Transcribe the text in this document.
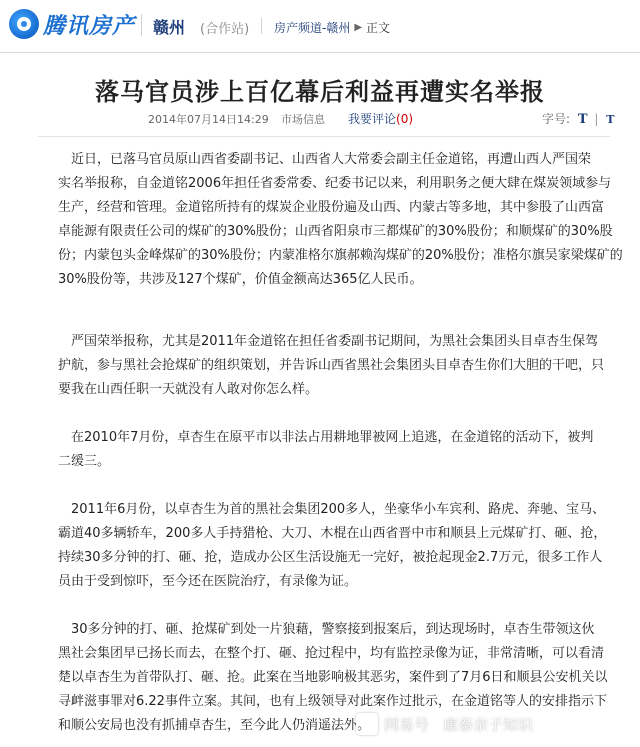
腾讯房产 赣州 (合作站) 房产频道-赣州 ▶ 正文
落马官员涉上百亿幕后利益再遭实名举报
2014年07月14日14:29 市场信息 我要评论(0)	字号: T | T
近日，已落马官员原山西省委副书记、山西省人大常委会副主任金道铭，再遭山西人严国荣
实名举报称，自金道铭2006年担任省委常委、纪委书记以来，利用职务之便大肆在煤炭领域参与
生产，经营和管理。金道铭所持有的煤炭企业股份遍及山西、内蒙古等多地，其中参股了山西富
卓能源有限责任公司的煤矿的30%股份；山西省阳泉市三都煤矿的30%股份；和顺煤矿的30%股
份；内蒙包头金峰煤矿的30%股份；内蒙准格尔旗郝赖沟煤矿的20%股份；准格尔旗吴家梁煤矿的
30%股份等，共涉及127个煤矿，价值金额高达365亿人民币。
严国荣举报称，尤其是2011年金道铭在担任省委副书记期间，为黑社会集团头目卓杏生保驾
护航，参与黑社会抢煤矿的组织策划，并告诉山西省黑社会集团头目卓杏生你们大胆的干吧，只
要我在山西任职一天就没有人敢对你怎么样。
在2010年7月份，卓杏生在原平市以非法占用耕地罪被网上追逃，在金道铭的活动下，被判
二缓三。
2011年6月份，以卓杏生为首的黑社会集团200多人，坐豪华小车宾利、路虎、奔驰、宝马、
霸道40多辆轿车，200多人手持猎枪、大刀、木棍在山西省晋中市和顺县上元煤矿打、砸、抢，
持续30多分钟的打、砸、抢，造成办公区生活设施无一完好，被抢起现金2.7万元，很多工作人
员由于受到惊吓，至今还在医院治疗，有录像为证。
30多分钟的打、砸、抢煤矿到处一片狼藉，警察接到报案后，到达现场时，卓杏生带领这伙
黑社会集团早已扬长而去，在整个打、砸、抢过程中，均有监控录像为证，非常清晰，可以看清
楚以卓杏生为首带队打、砸、抢。此案在当地影响极其恶劣，案件到了7月6日和顺县公安机关以
寻衅滋事罪对6.22事件立案。其间，也有上级领导对此案作过批示，在金道铭等人的安排指示下
和顺公安局也没有抓捕卓杏生，至今此人仍消遥法外。 网易号 康泰亲子知识
